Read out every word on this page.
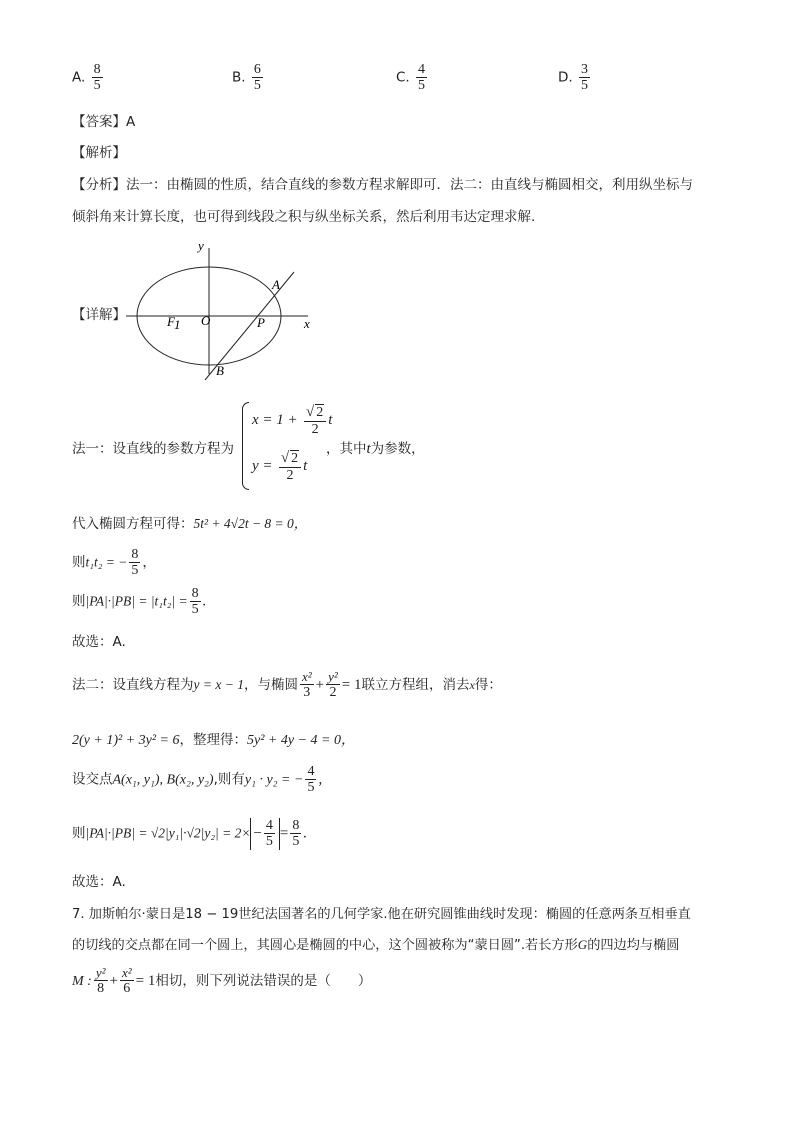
A. $\frac{8}{5}$	B. $\frac{6}{5}$	C. $\frac{4}{5}$	D. $\frac{3}{5}$
【答案】A
【解析】
【分析】法一：由椭圆的性质，结合直线的参数方程求解即可．法二：由直线与椭圆相交，利用纵坐标与
倾斜角来计算长度，也可得到线段之积与纵坐标关系，然后利用韦达定理求解.
【详解】
y
x
O
F 1	P
A
B
法一：设直线的参数方程为
$x = 1 + \frac{√ 2}{2}$ t
$y = \frac{√ 2}{2}$ t
，其中t为参数，
代入椭圆方程可得：5t² + 4√2t − 8 = 0，
则t₁t₂ = − $\frac{8}{5}$ ，
则$|PA|\cdot|PB| = |t_1t_2| = \frac{8}{5}$ .
故选：A.
法二：设直线方程为y = x − 1，与椭圆 $\frac{\text{x²}}{3} + \frac{\text{y²}}{2} = 1$联立方程组，消去x得：
2(y + 1)² + 3y² = 6，整理得：5y² + 4y − 4 = 0，
设交点A(x₁, y₁), B(x₂, y₂),则有y₁ · y₂ = − $\frac{4}{5}$ ,
则$|PA|\cdot|PB| = √2|y_1|\cdot√2|y_2| = 2\times - \frac{4}{5} = \frac{8}{5}$ .
故选：A.
7. 加斯帕尔·蒙日是18 − 19世纪法国著名的几何学家.他在研究圆锥曲线时发现：椭圆的任意两条互相垂直
的切线的交点都在同一个圆上，其圆心是椭圆的中心，这个圆被称为“蒙日圆”.若长方形G的四边均与椭圆
M : $\frac{\text{y²}}{8} + \frac{\text{x²}}{6} = 1$相切，则下列说法错误的是（　　）
